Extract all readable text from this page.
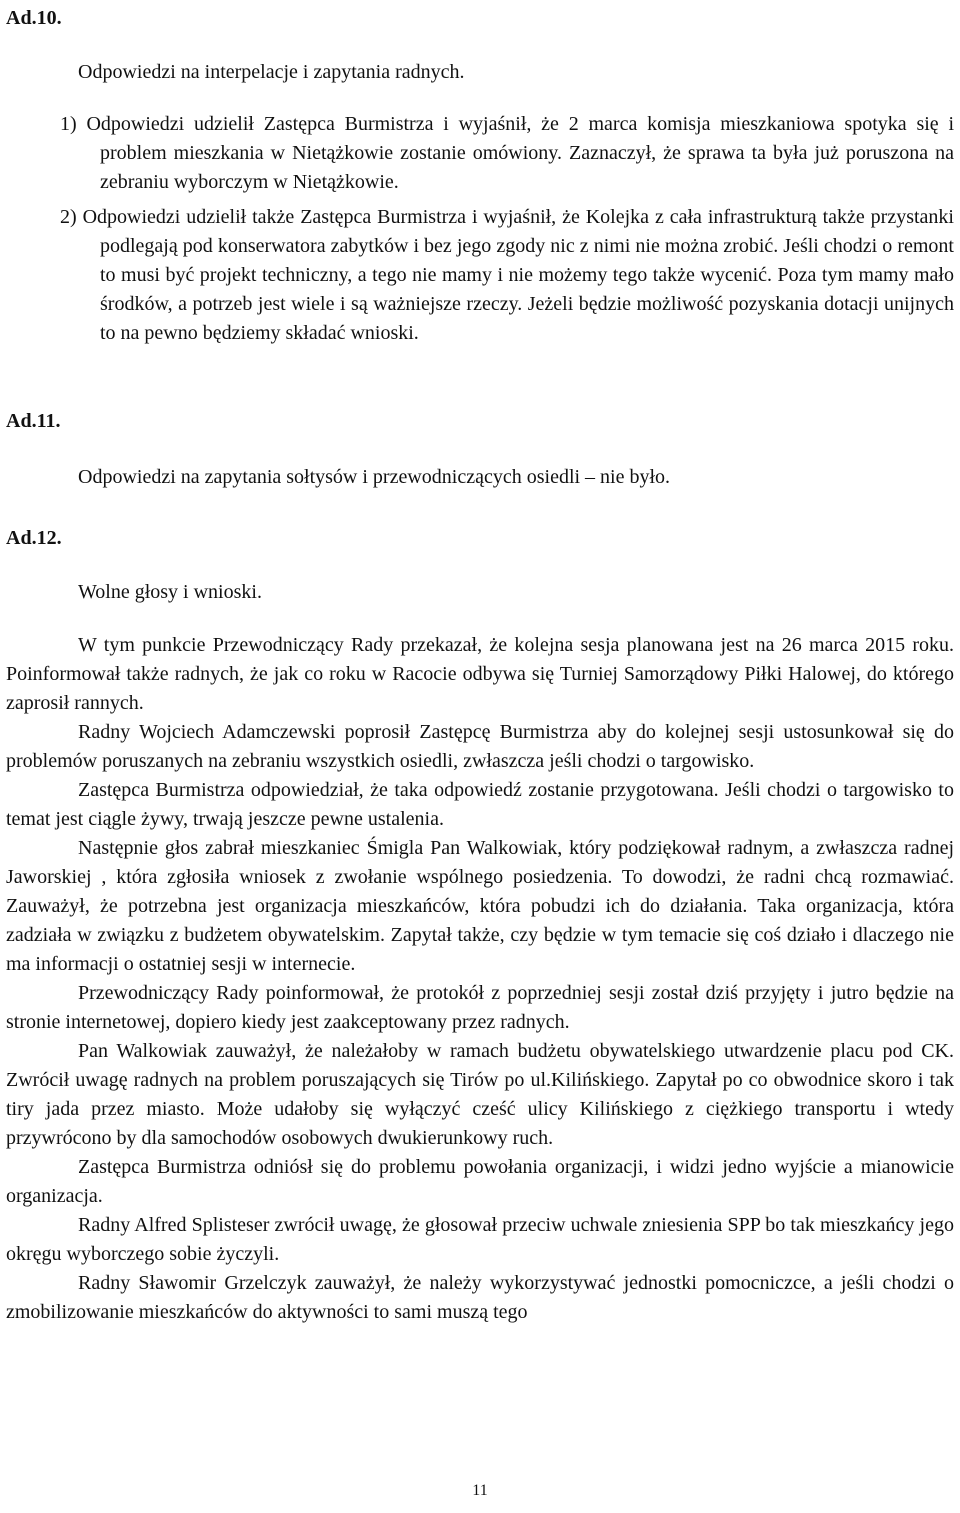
Ad.10.
Odpowiedzi na interpelacje i zapytania radnych.
1) Odpowiedzi udzielił Zastępca Burmistrza i wyjaśnił, że 2 marca komisja mieszkaniowa spotyka się i problem mieszkania w Nietążkowie zostanie omówiony. Zaznaczył, że sprawa ta była już poruszona na zebraniu wyborczym w Nietążkowie.
2) Odpowiedzi udzielił także Zastępca Burmistrza i wyjaśnił, że Kolejka z cała infrastrukturą także przystanki podlegają pod konserwatora zabytków i bez jego zgody nic z nimi nie można zrobić. Jeśli chodzi o remont to musi być projekt techniczny, a tego nie mamy i nie możemy tego także wycenić. Poza tym mamy mało środków, a potrzeb jest wiele i są ważniejsze rzeczy. Jeżeli będzie możliwość pozyskania dotacji unijnych to na pewno będziemy składać wnioski.
Ad.11.
Odpowiedzi na zapytania sołtysów i przewodniczących osiedli – nie było.
Ad.12.
Wolne głosy i wnioski.

W tym punkcie Przewodniczący Rady przekazał, że kolejna sesja planowana jest na 26 marca 2015 roku. Poinformował także radnych, że jak co roku w Racocie odbywa się Turniej Samorządowy Piłki Halowej, do którego zaprosił rannych.

Radny Wojciech Adamczewski poprosił Zastępcę Burmistrza aby do kolejnej sesji ustosunkował się do problemów poruszanych na zebraniu wszystkich osiedli, zwłaszcza jeśli chodzi o targowisko.

Zastępca Burmistrza odpowiedział, że taka odpowiedź zostanie przygotowana. Jeśli chodzi o targowisko to temat jest ciągle żywy, trwają jeszcze pewne ustalenia.

Następnie głos zabrał mieszkaniec Śmigla Pan Walkowiak, który podziękował radnym, a zwłaszcza radnej Jaworskiej , która zgłosiła wniosek z zwołanie wspólnego posiedzenia. To dowodzi, że radni chcą rozmawiać. Zauważył, że potrzebna jest organizacja mieszkańców, która pobudzi ich do działania. Taka organizacja, która zadziała w związku z budżetem obywatelskim. Zapytał także, czy będzie w tym temacie się coś działo i dlaczego nie ma informacji o ostatniej sesji w internecie.

Przewodniczący Rady poinformował, że protokół z poprzedniej sesji został dziś przyjęty i jutro będzie na stronie internetowej, dopiero kiedy jest zaakceptowany przez radnych.

Pan Walkowiak zauważył, że należałoby w ramach budżetu obywatelskiego utwardzenie placu pod CK. Zwrócił uwagę radnych na problem poruszających się Tirów po ul.Kilińskiego. Zapytał po co obwodnice skoro i tak tiry jada przez miasto. Może udałoby się wyłączyć cześć ulicy Kilińskiego z ciężkiego transportu i wtedy przywrócono by dla samochodów osobowych dwukierunkowy ruch.

Zastępca Burmistrza odniósł się do problemu powołania organizacji, i widzi jedno wyjście a mianowicie organizacja.

Radny Alfred Splisteser zwrócił uwagę, że głosował przeciw uchwale zniesienia SPP bo tak mieszkańcy jego okręgu wyborczego sobie życzyli.

Radny Sławomir Grzelczyk zauważył, że należy wykorzystywać jednostki pomocniczce, a jeśli chodzi o zmobilizowanie mieszkańców do aktywności to sami muszą tego

11
